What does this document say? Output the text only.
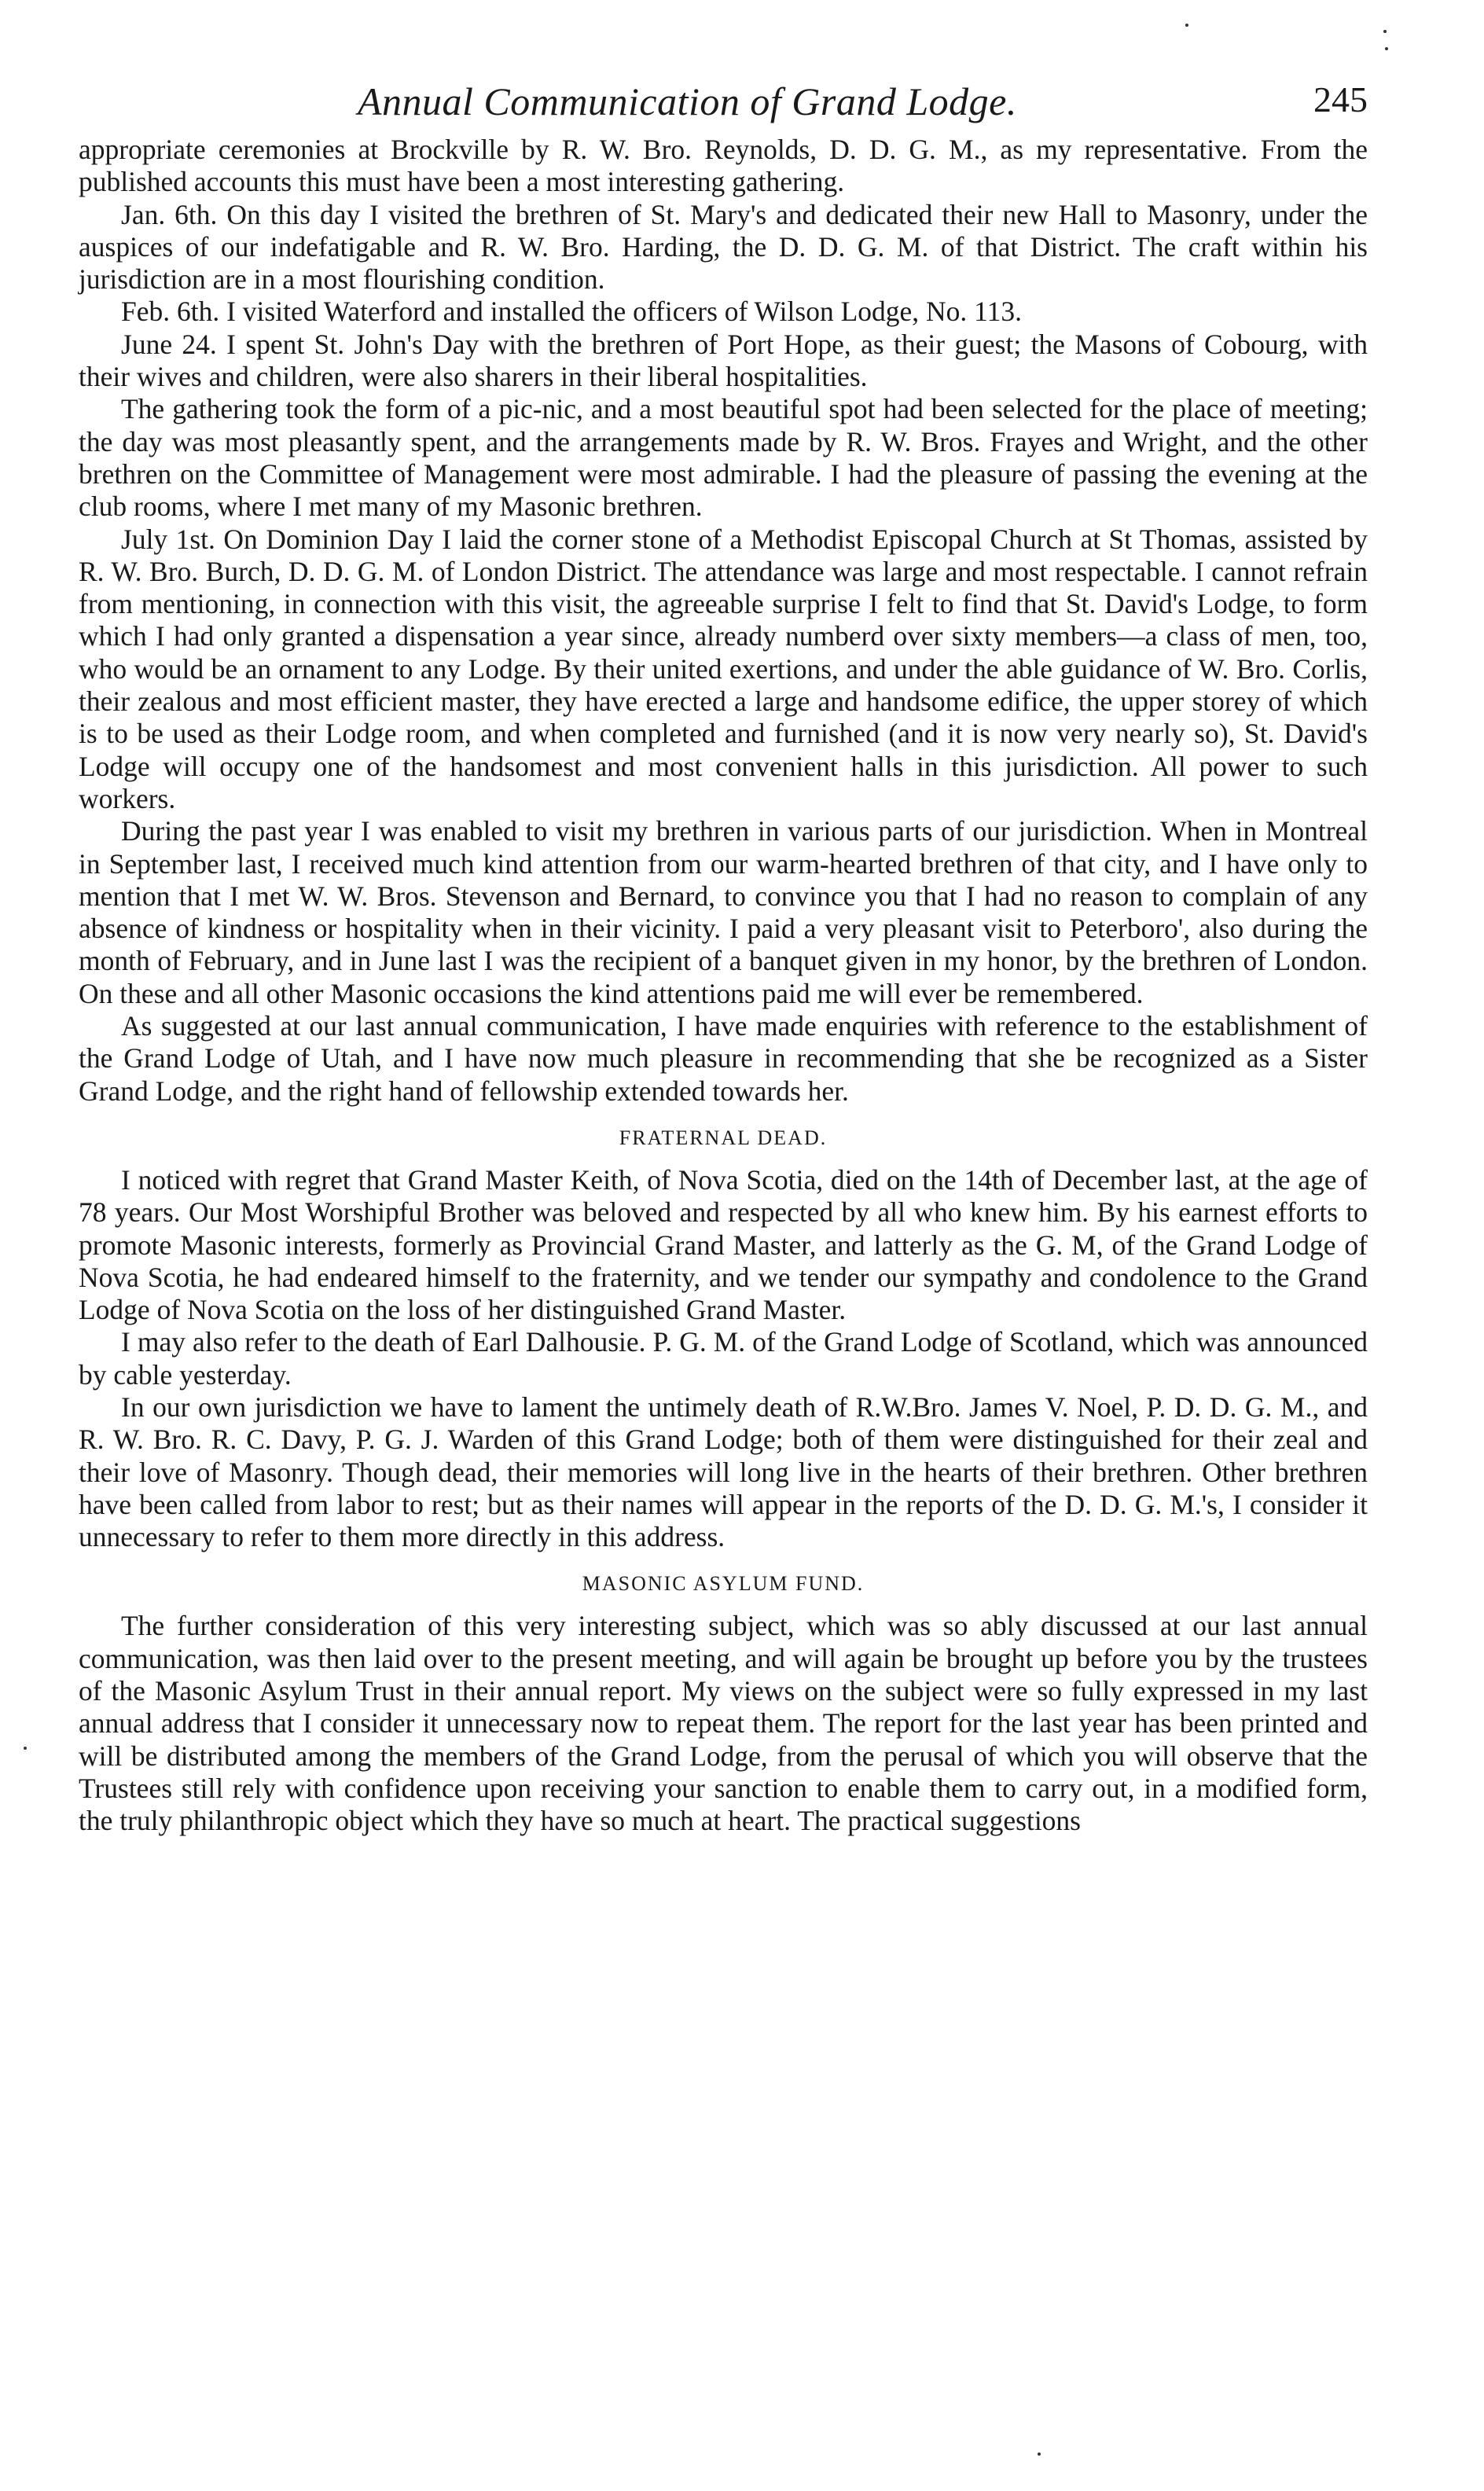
Annual Communication of Grand Lodge.	245

appropriate ceremonies at Brockville by R. W. Bro. Reynolds, D. D. G. M., as my representative. From the published accounts this must have been a most interesting gathering.

Jan. 6th. On this day I visited the brethren of St. Mary's and dedicated their new Hall to Masonry, under the auspices of our indefatigable and R. W. Bro. Harding, the D. D. G. M. of that District. The craft within his jurisdiction are in a most flourishing condition.

Feb. 6th. I visited Waterford and installed the officers of Wilson Lodge, No. 113.

June 24. I spent St. John's Day with the brethren of Port Hope, as their guest; the Masons of Cobourg, with their wives and children, were also sharers in their liberal hospitalities.

The gathering took the form of a pic-nic, and a most beautiful spot had been selected for the place of meeting; the day was most pleasantly spent, and the arrangements made by R. W. Bros. Frayes and Wright, and the other brethren on the Committee of Management were most admirable. I had the pleasure of passing the evening at the club rooms, where I met many of my Masonic brethren.

July 1st. On Dominion Day I laid the corner stone of a Methodist Episcopal Church at St Thomas, assisted by R. W. Bro. Burch, D. D. G. M. of London District. The attendance was large and most respectable. I cannot refrain from mentioning, in connection with this visit, the agreeable surprise I felt to find that St. David's Lodge, to form which I had only granted a dispensation a year since, already numberd over sixty members—a class of men, too, who would be an ornament to any Lodge. By their united exertions, and under the able guidance of W. Bro. Corlis, their zealous and most efficient master, they have erected a large and handsome edifice, the upper storey of which is to be used as their Lodge room, and when completed and furnished (and it is now very nearly so), St. David's Lodge will occupy one of the handsomest and most convenient halls in this jurisdiction. All power to such workers.

During the past year I was enabled to visit my brethren in various parts of our jurisdiction. When in Montreal in September last, I received much kind attention from our warm-hearted brethren of that city, and I have only to mention that I met W. W. Bros. Stevenson and Bernard, to convince you that I had no reason to complain of any absence of kindness or hospitality when in their vicinity. I paid a very pleasant visit to Peterboro', also during the month of February, and in June last I was the recipient of a banquet given in my honor, by the brethren of London. On these and all other Masonic occasions the kind attentions paid me will ever be remembered.

As suggested at our last annual communication, I have made enquiries with reference to the establishment of the Grand Lodge of Utah, and I have now much pleasure in recommending that she be recognized as a Sister Grand Lodge, and the right hand of fellowship extended towards her.

FRATERNAL DEAD.

I noticed with regret that Grand Master Keith, of Nova Scotia, died on the 14th of December last, at the age of 78 years. Our Most Worshipful Brother was beloved and respected by all who knew him. By his earnest efforts to promote Masonic interests, formerly as Provincial Grand Master, and latterly as the G. M, of the Grand Lodge of Nova Scotia, he had endeared himself to the fraternity, and we tender our sympathy and condolence to the Grand Lodge of Nova Scotia on the loss of her distinguished Grand Master.

I may also refer to the death of Earl Dalhousie. P. G. M. of the Grand Lodge of Scotland, which was announced by cable yesterday.

In our own jurisdiction we have to lament the untimely death of R.W.Bro. James V. Noel, P. D. D. G. M., and R. W. Bro. R. C. Davy, P. G. J. Warden of this Grand Lodge; both of them were distinguished for their zeal and their love of Masonry. Though dead, their memories will long live in the hearts of their brethren. Other brethren have been called from labor to rest; but as their names will appear in the reports of the D. D. G. M.'s, I consider it unnecessary to refer to them more directly in this address.

MASONIC ASYLUM FUND.

The further consideration of this very interesting subject, which was so ably discussed at our last annual communication, was then laid over to the present meeting, and will again be brought up before you by the trustees of the Masonic Asylum Trust in their annual report. My views on the subject were so fully expressed in my last annual address that I consider it unnecessary now to repeat them. The report for the last year has been printed and will be distributed among the members of the Grand Lodge, from the perusal of which you will observe that the Trustees still rely with confidence upon receiving your sanction to enable them to carry out, in a modified form, the truly philanthropic object which they have so much at heart. The practical suggestions
